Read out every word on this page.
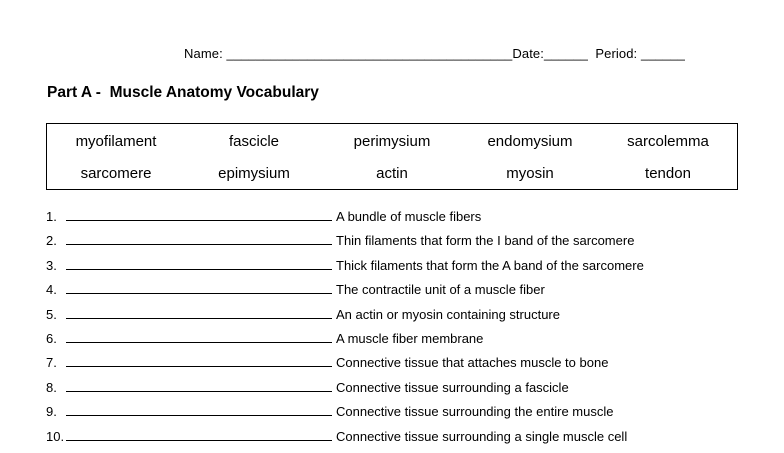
Name: _______________________________________Date:______  Period: ______
Part A -  Muscle Anatomy Vocabulary
myofilament	fascicle	perimysium	endomysium	sarcolemma
sarcomere	epimysium	actin	myosin	tendon
1.	A bundle of muscle fibers
2.	Thin filaments that form the I band of the sarcomere
3.	Thick filaments that form the A band of the sarcomere
4.	The contractile unit of a muscle fiber
5.	An actin or myosin containing structure
6.	A muscle fiber membrane
7.	Connective tissue that attaches muscle to bone
8.	Connective tissue surrounding a fascicle
9.	Connective tissue surrounding the entire muscle
10.	Connective tissue surrounding a single muscle cell
